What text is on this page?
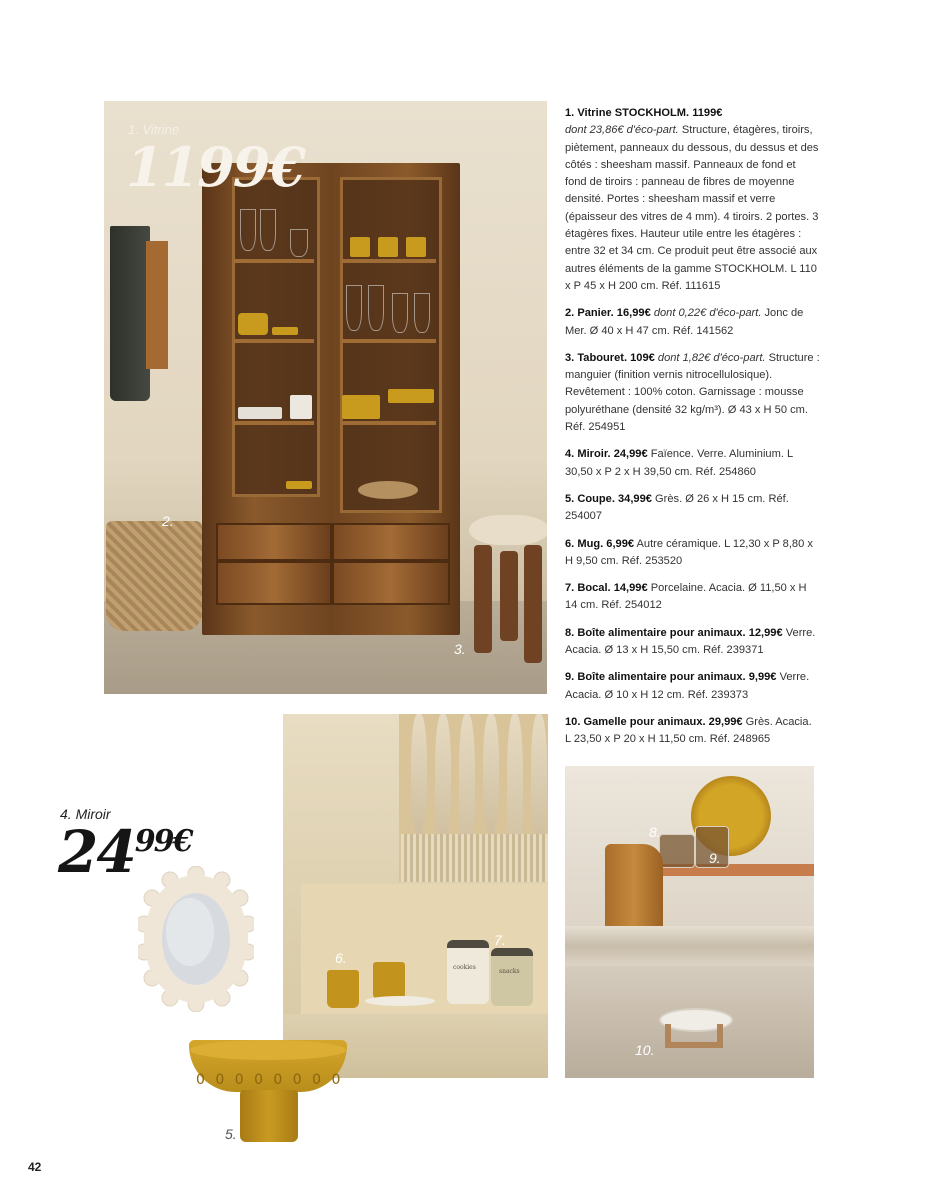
1. Vitrine
1199€
2.
3.
cookies
snacks
6.
7.
8.
9.
10.
4. Miroir
2499€
0 0 0 0 0 0 0 0
5.
1. Vitrine STOCKHOLM. 1199€
dont 23,86€ d'éco-part. Structure, étagères, tiroirs, piètement, panneaux du dessous, du dessus et des côtés : sheesham massif. Panneaux de fond et fond de tiroirs : panneau de fibres de moyenne densité. Portes : sheesham massif et verre (épaisseur des vitres de 4 mm). 4 tiroirs. 2 portes. 3 étagères fixes. Hauteur utile entre les étagères : entre 32 et 34 cm. Ce produit peut être associé aux autres éléments de la gamme STOCKHOLM. L 110 x P 45 x H 200 cm. Réf. 111615
2. Panier. 16,99€ dont 0,22€ d'éco-part. Jonc de Mer. Ø 40 x H 47 cm. Réf. 141562
3. Tabouret. 109€ dont 1,82€ d'éco-part. Structure : manguier (finition vernis nitrocellulosique). Revêtement : 100% coton. Garnissage : mousse polyuréthane (densité 32 kg/m³). Ø 43 x H 50 cm. Réf. 254951
4. Miroir. 24,99€ Faïence. Verre. Aluminium. L 30,50 x P 2 x H 39,50 cm. Réf. 254860
5. Coupe. 34,99€ Grès. Ø 26 x H 15 cm. Réf. 254007
6. Mug. 6,99€ Autre céramique. L 12,30 x P 8,80 x H 9,50 cm. Réf. 253520
7. Bocal. 14,99€ Porcelaine. Acacia. Ø 11,50 x H 14 cm. Réf. 254012
8. Boîte alimentaire pour animaux. 12,99€ Verre. Acacia. Ø 13 x H 15,50 cm. Réf. 239371
9. Boîte alimentaire pour animaux. 9,99€ Verre. Acacia. Ø 10 x H 12 cm. Réf. 239373
10. Gamelle pour animaux. 29,99€ Grès. Acacia. L 23,50 x P 20 x H 11,50 cm. Réf. 248965
42
